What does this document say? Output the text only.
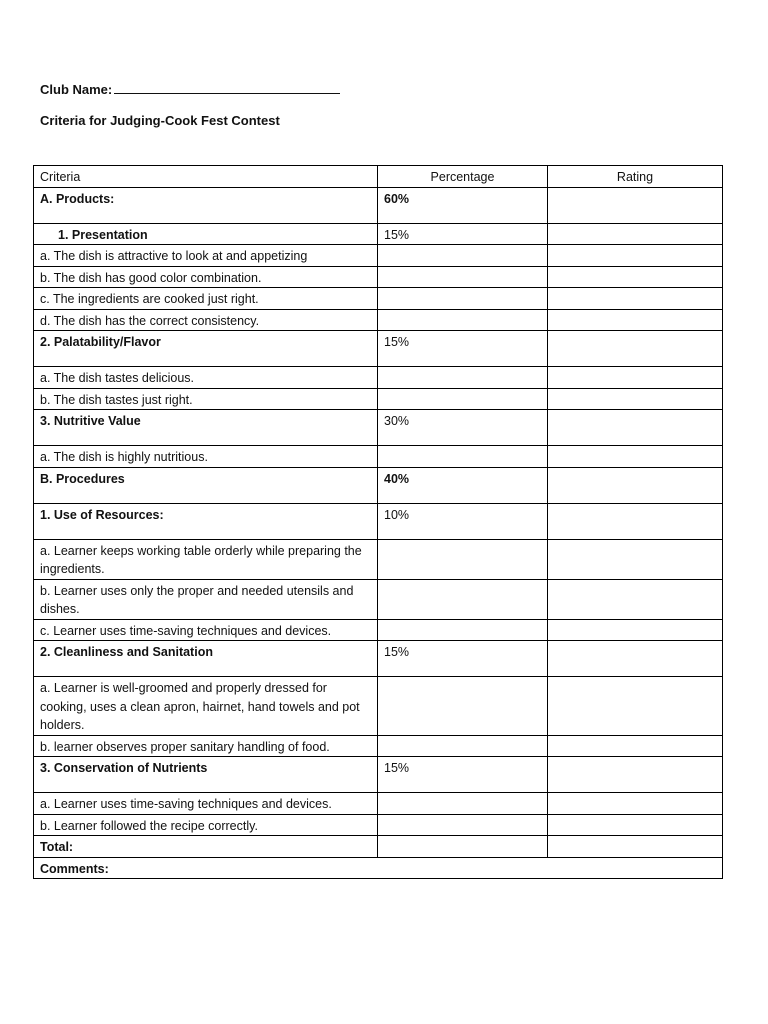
Club Name:
Criteria for Judging-Cook Fest Contest
Criteria	Percentage	Rating
A. Products:	60%	
1. Presentation	15%	
a. The dish is attractive to look at and appetizing		
b. The dish has good color combination.		
c. The ingredients are cooked just right.		
d. The dish has the correct consistency.		
2. Palatability/Flavor	15%	
a. The dish tastes delicious.		
b. The dish tastes just right.		
3. Nutritive Value	30%	
a. The dish is highly nutritious.		
B. Procedures	40%	
1. Use of Resources:	10%	
a. Learner keeps working table orderly while preparing the ingredients.		
b. Learner uses only the proper and needed utensils and dishes.		
c. Learner uses time-saving techniques and devices.		
2. Cleanliness and Sanitation	15%	
a. Learner is well-groomed and properly dressed for cooking, uses a clean apron, hairnet, hand towels and pot holders.		
b. learner observes proper sanitary handling of food.		
3. Conservation of Nutrients	15%	
a. Learner uses time-saving techniques and devices.		
b. Learner followed the recipe correctly.		
Total:		
Comments:		
